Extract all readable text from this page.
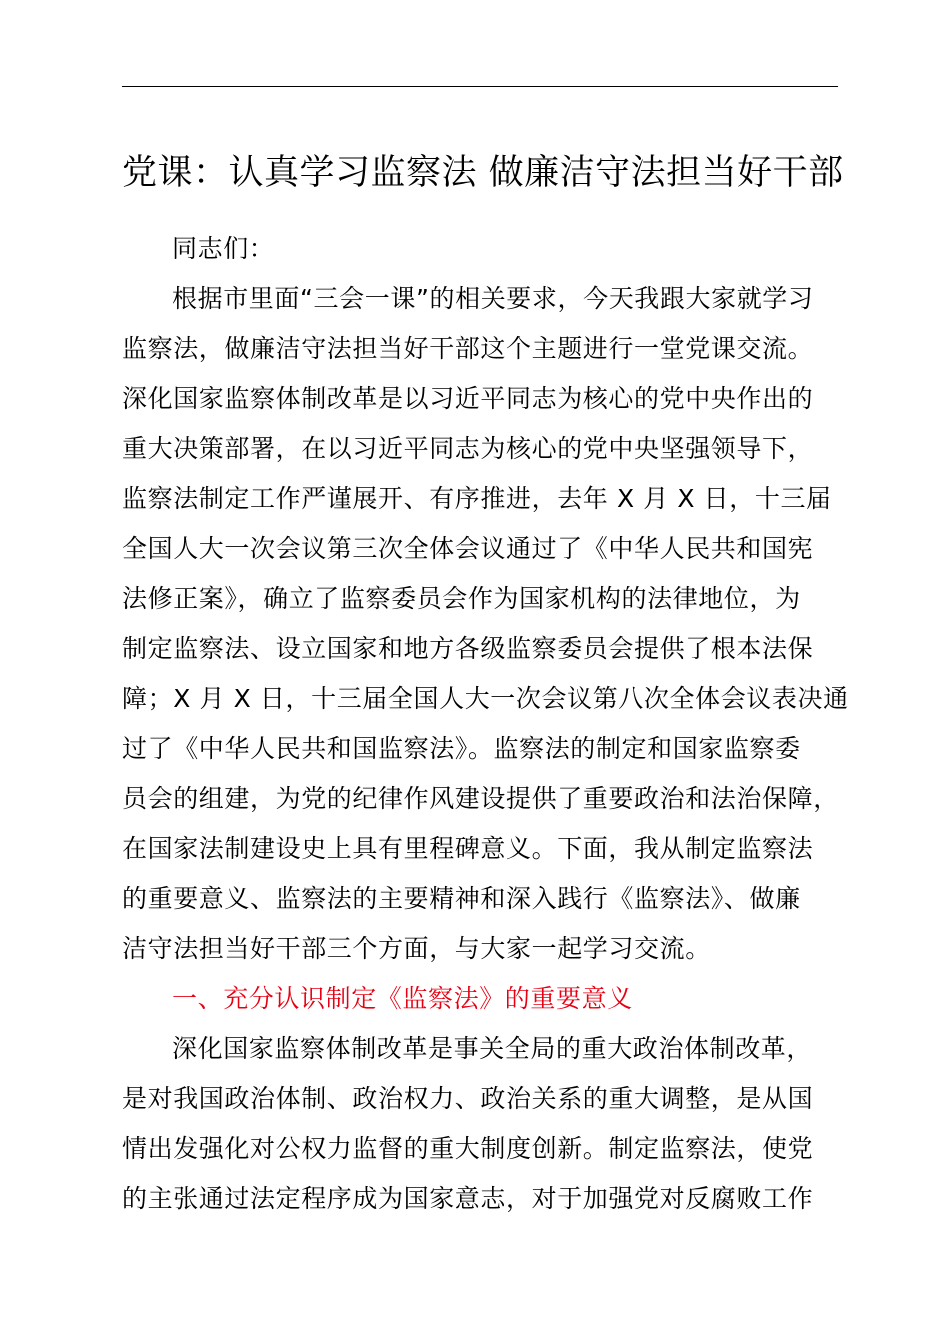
党课：认真学习监察法 做廉洁守法担当好干部
同志们：
根据市里面“三会一课”的相关要求，今天我跟大家就学习
监察法，做廉洁守法担当好干部这个主题进行一堂党课交流。
深化国家监察体制改革是以习近平同志为核心的党中央作出的
重大决策部署，在以习近平同志为核心的党中央坚强领导下，
监察法制定工作严谨展开、有序推进，去年 X 月 X 日，十三届
全国人大一次会议第三次全体会议通过了《中华人民共和国宪
法修正案》，确立了监察委员会作为国家机构的法律地位，为
制定监察法、设立国家和地方各级监察委员会提供了根本法保
障；X 月 X 日，十三届全国人大一次会议第八次全体会议表决通
过了《中华人民共和国监察法》。监察法的制定和国家监察委
员会的组建，为党的纪律作风建设提供了重要政治和法治保障，
在国家法制建设史上具有里程碑意义。下面，我从制定监察法
的重要意义、监察法的主要精神和深入践行《监察法》、做廉
洁守法担当好干部三个方面，与大家一起学习交流。
一、充分认识制定《监察法》的重要意义
深化国家监察体制改革是事关全局的重大政治体制改革，
是对我国政治体制、政治权力、政治关系的重大调整，是从国
情出发强化对公权力监督的重大制度创新。制定监察法，使党
的主张通过法定程序成为国家意志，对于加强党对反腐败工作
